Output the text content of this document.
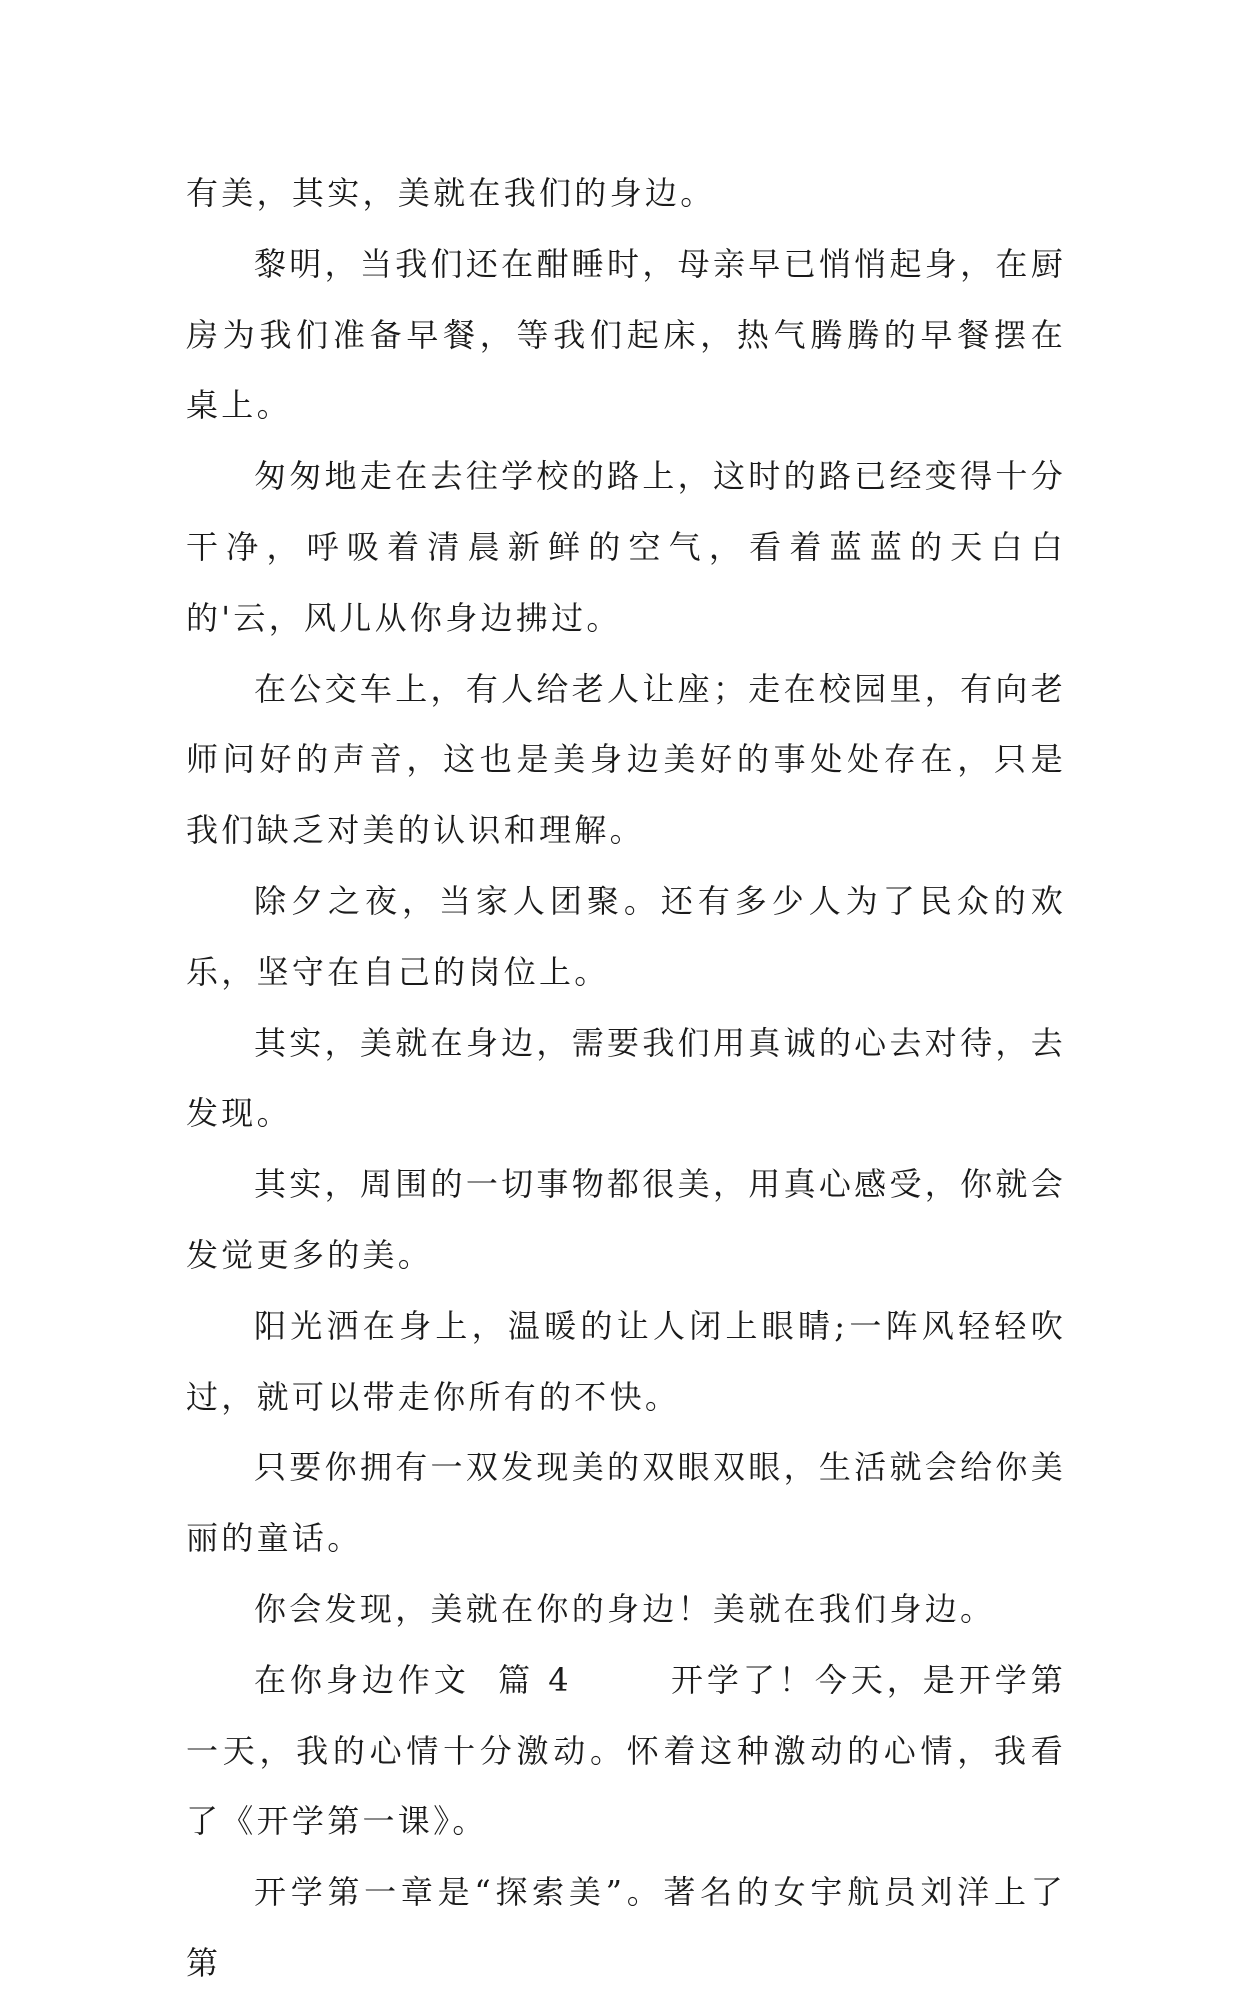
有美，其实，美就在我们的身边。

黎明，当我们还在酣睡时，母亲早已悄悄起身，在厨房为我们准备早餐，等我们起床，热气腾腾的早餐摆在桌上。

匆匆地走在去往学校的路上，这时的路已经变得十分干净，呼吸着清晨新鲜的空气，看着蓝蓝的天白白的'云，风儿从你身边拂过。

在公交车上，有人给老人让座；走在校园里，有向老师问好的声音，这也是美身边美好的事处处存在，只是我们缺乏对美的认识和理解。

除夕之夜，当家人团聚。还有多少人为了民众的欢乐，坚守在自己的岗位上。

其实，美就在身边，需要我们用真诚的心去对待，去发现。

其实，周围的一切事物都很美，用真心感受，你就会发觉更多的美。

阳光洒在身上，温暖的让人闭上眼睛;一阵风轻轻吹过，就可以带走你所有的不快。

只要你拥有一双发现美的双眼双眼，生活就会给你美丽的童话。

你会发现，美就在你的身边！美就在我们身边。

在你身边作文  篇 4       开学了！今天，是开学第一天，我的心情十分激动。怀着这种激动的心情，我看了《开学第一课》。

开学第一章是“探索美”。著名的女宇航员刘洋上了第
